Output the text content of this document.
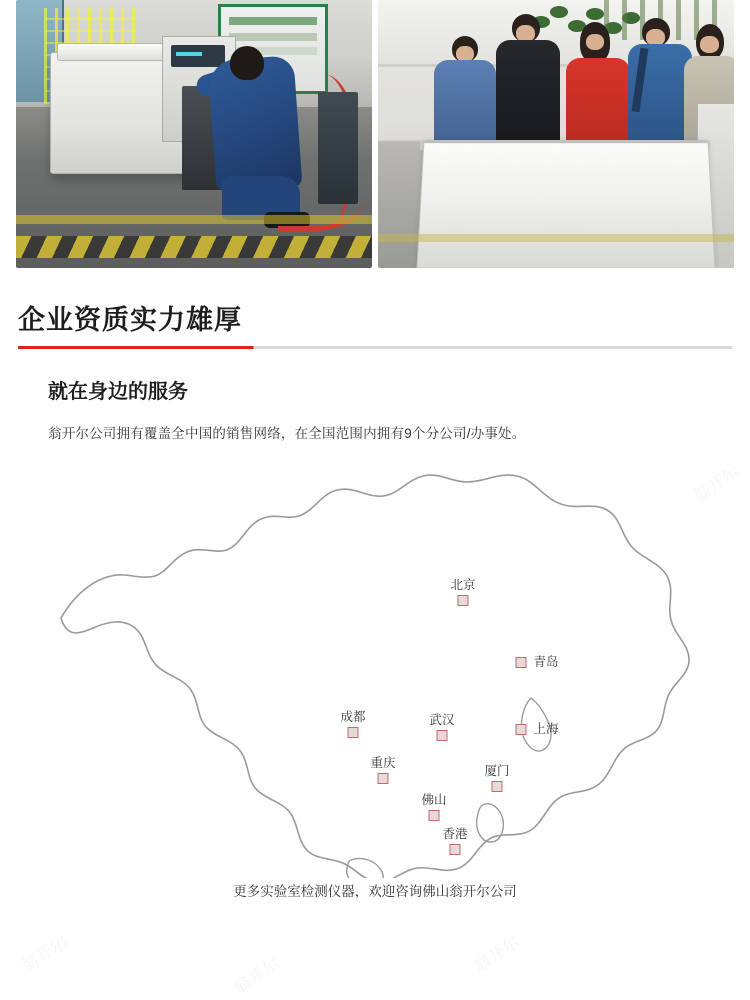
企业资质实力雄厚
就在身边的服务

翁开尔公司拥有覆盖全中国的销售网络，在全国范围内拥有9个分公司/办事处。

北京
青岛
成都	武汉
上海
重庆
厦门
佛山
香港
更多实验室检测仪器，欢迎咨询佛山翁开尔公司
